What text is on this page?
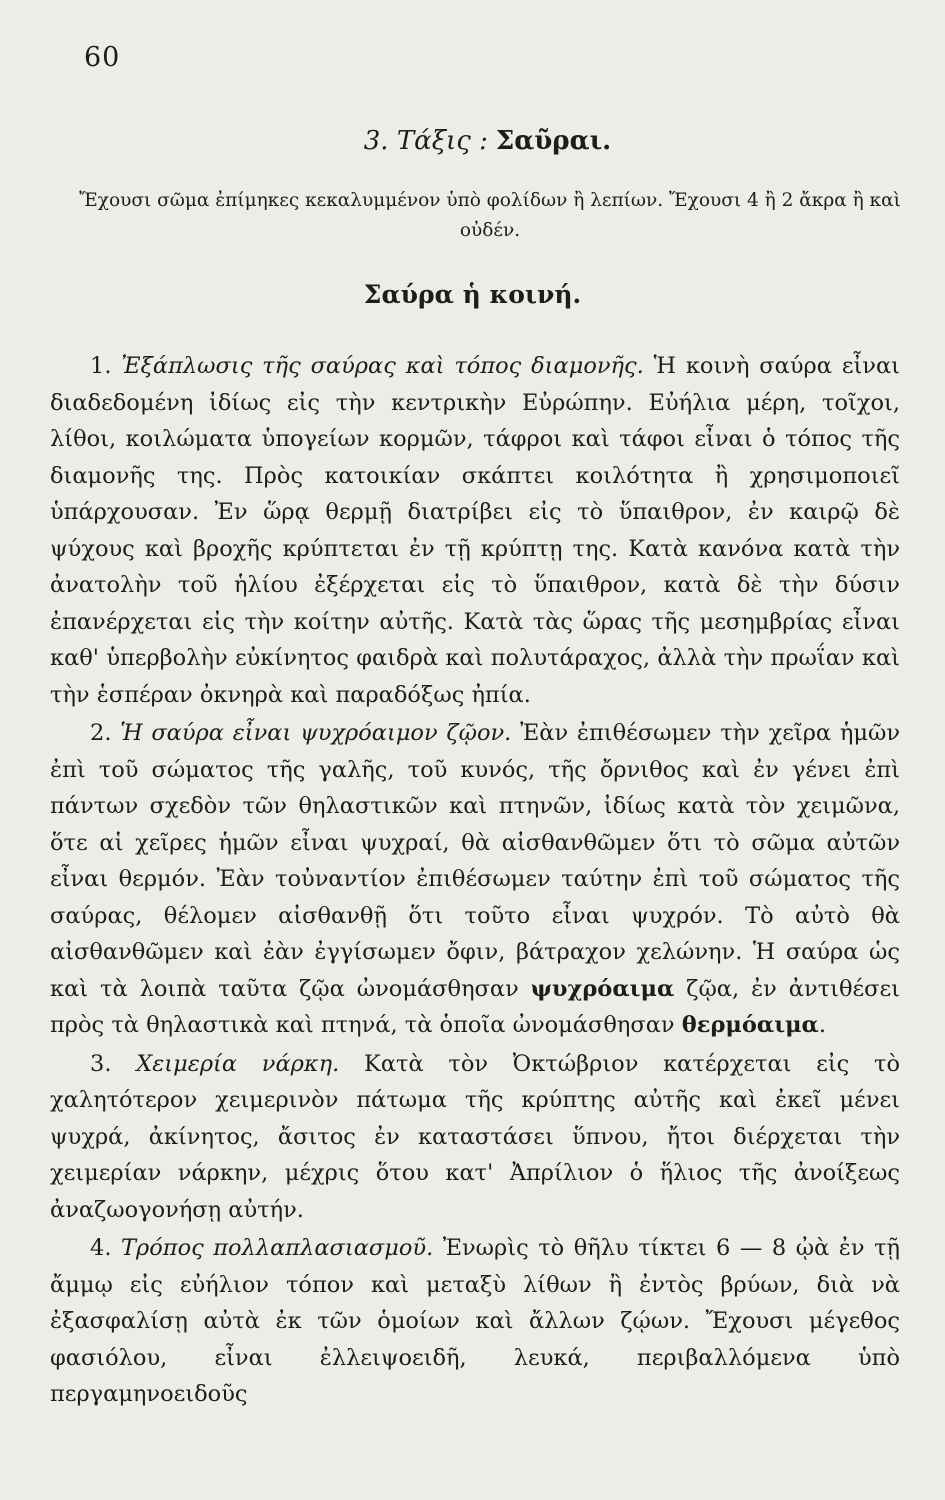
60
3. Τάξις : Σαῦραι.
Ἔχουσι σῶμα ἐπίμηκες κεκαλυμμένον ὑπὸ φολίδων ἢ λεπίων. Ἔχουσι 4 ἢ 2 ἄκρα ἢ καὶ οὐδέν.
Σαύρα ἡ κοινή.

1. Ἐξάπλωσις τῆς σαύρας καὶ τόπος διαμονῆς. Ἡ κοινὴ σαύρα εἶναι διαδεδομένη ἰδίως εἰς τὴν κεντρικὴν Εὐρώπην. Εὐήλια μέρη, τοῖχοι, λίθοι, κοιλώματα ὑπογείων κορμῶν, τάφροι καὶ τάφοι εἶναι ὁ τόπος τῆς διαμονῆς της. Πρὸς κατοικίαν σκάπτει κοιλότητα ἢ χρησιμοποιεῖ ὑπάρχουσαν. Ἐν ὥρᾳ θερμῇ διατρίβει εἰς τὸ ὕπαιθρον, ἐν καιρῷ δὲ ψύχους καὶ βροχῆς κρύπτεται ἐν τῇ κρύπτῃ της. Κατὰ κανόνα κατὰ τὴν ἀνατολὴν τοῦ ἡλίου ἐξέρχεται εἰς τὸ ὕπαιθρον, κατὰ δὲ τὴν δύσιν ἐπανέρχεται εἰς τὴν κοίτην αὐτῆς. Κατὰ τὰς ὥρας τῆς μεσημβρίας εἶναι καθ' ὑπερβολὴν εὐκίνητος φαιδρὰ καὶ πολυτάραχος, ἀλλὰ τὴν πρωΐαν καὶ τὴν ἑσπέραν ὀκνηρὰ καὶ παραδόξως ἠπία.

2. Ἡ σαύρα εἶναι ψυχρόαιμον ζῷον. Ἐὰν ἐπιθέσωμεν τὴν χεῖρα ἡμῶν ἐπὶ τοῦ σώματος τῆς γαλῆς, τοῦ κυνός, τῆς ὄρνιθος καὶ ἐν γένει ἐπὶ πάντων σχεδὸν τῶν θηλαστικῶν καὶ πτηνῶν, ἰδίως κατὰ τὸν χειμῶνα, ὅτε αἱ χεῖρες ἡμῶν εἶναι ψυχραί, θὰ αἰσθανθῶμεν ὅτι τὸ σῶμα αὐτῶν εἶναι θερμόν. Ἐὰν τοὐναντίον ἐπιθέσωμεν ταύτην ἐπὶ τοῦ σώματος τῆς σαύρας, θέλομεν αἰσθανθῇ ὅτι τοῦτο εἶναι ψυχρόν. Τὸ αὐτὸ θὰ αἰσθανθῶμεν καὶ ἐὰν ἐγγίσωμεν ὄφιν, βάτραχον χελώνην. Ἡ σαύρα ὡς καὶ τὰ λοιπὰ ταῦτα ζῷα ὠνομάσθησαν ψυχρόαιμα ζῷα, ἐν ἀντιθέσει πρὸς τὰ θηλαστικὰ καὶ πτηνά, τὰ ὁποῖα ὠνομάσθησαν θερμόαιμα.

3. Χειμερία νάρκη. Κατὰ τὸν Ὀκτώβριον κατέρχεται εἰς τὸ χαλητότερον χειμερινὸν πάτωμα τῆς κρύπτης αὐτῆς καὶ ἐκεῖ μένει ψυχρά, ἀκίνητος, ἄσιτος ἐν καταστάσει ὕπνου, ἤτοι διέρχεται τὴν χειμερίαν νάρκην, μέχρις ὅτου κατ' Ἀπρίλιον ὁ ἥλιος τῆς ἀνοίξεως ἀναζωογονήσῃ αὐτήν.

4. Τρόπος πολλαπλασιασμοῦ. Ἐνωρὶς τὸ θῆλυ τίκτει 6 — 8 ᾠὰ ἐν τῇ ἄμμῳ εἰς εὐήλιον τόπον καὶ μεταξὺ λίθων ἢ ἐντὸς βρύων, διὰ νὰ ἐξασφαλίσῃ αὐτὰ ἐκ τῶν ὁμοίων καὶ ἄλλων ζῴων. Ἔχουσι μέγεθος φασιόλου, εἶναι ἐλλειψοειδῆ, λευκά, περιβαλλόμενα ὑπὸ περγαμηνοειδοῦς
